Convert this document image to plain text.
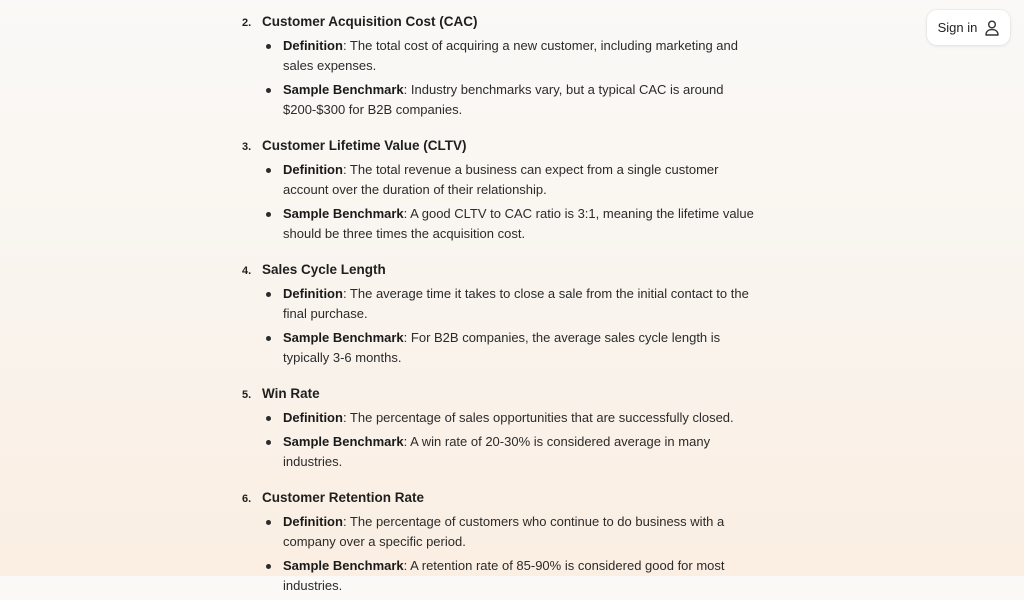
Sign in
2. Customer Acquisition Cost (CAC)
Definition: The total cost of acquiring a new customer, including marketing and sales expenses.
Sample Benchmark: Industry benchmarks vary, but a typical CAC is around $200-$300 for B2B companies.
3. Customer Lifetime Value (CLTV)
Definition: The total revenue a business can expect from a single customer account over the duration of their relationship.
Sample Benchmark: A good CLTV to CAC ratio is 3:1, meaning the lifetime value should be three times the acquisition cost.
4. Sales Cycle Length
Definition: The average time it takes to close a sale from the initial contact to the final purchase.
Sample Benchmark: For B2B companies, the average sales cycle length is typically 3-6 months.
5. Win Rate
Definition: The percentage of sales opportunities that are successfully closed.
Sample Benchmark: A win rate of 20-30% is considered average in many industries.
6. Customer Retention Rate
Definition: The percentage of customers who continue to do business with a company over a specific period.
Sample Benchmark: A retention rate of 85-90% is considered good for most industries.
